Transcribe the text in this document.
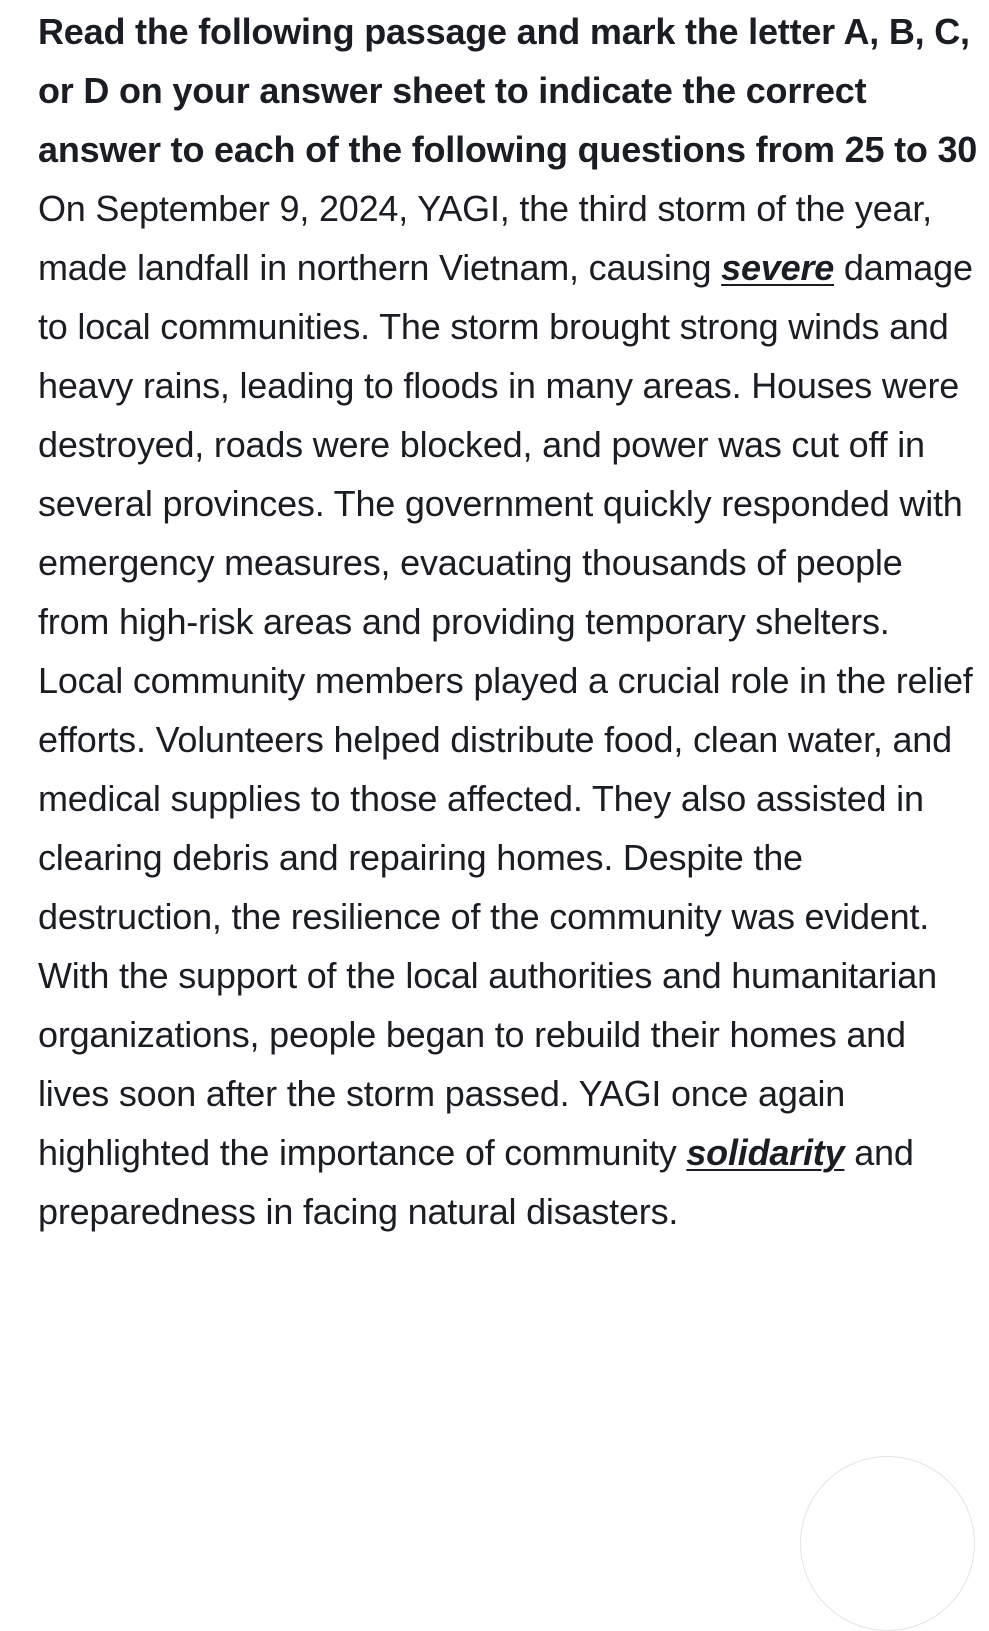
Read the following passage and mark the letter A, B, C, or D on your answer sheet to indicate the correct answer to each of the following questions from 25 to 30

On September 9, 2024, YAGI, the third storm of the year, made landfall in northern Vietnam, causing severe damage to local communities. The storm brought strong winds and heavy rains, leading to floods in many areas. Houses were destroyed, roads were blocked, and power was cut off in several provinces. The government quickly responded with emergency measures, evacuating thousands of people from high-risk areas and providing temporary shelters.

Local community members played a crucial role in the relief efforts. Volunteers helped distribute food, clean water, and medical supplies to those affected. They also assisted in clearing debris and repairing homes. Despite the destruction, the resilience of the community was evident. With the support of the local authorities and humanitarian organizations, people began to rebuild their homes and lives soon after the storm passed. YAGI once again highlighted the importance of community solidarity and preparedness in facing natural disasters.
